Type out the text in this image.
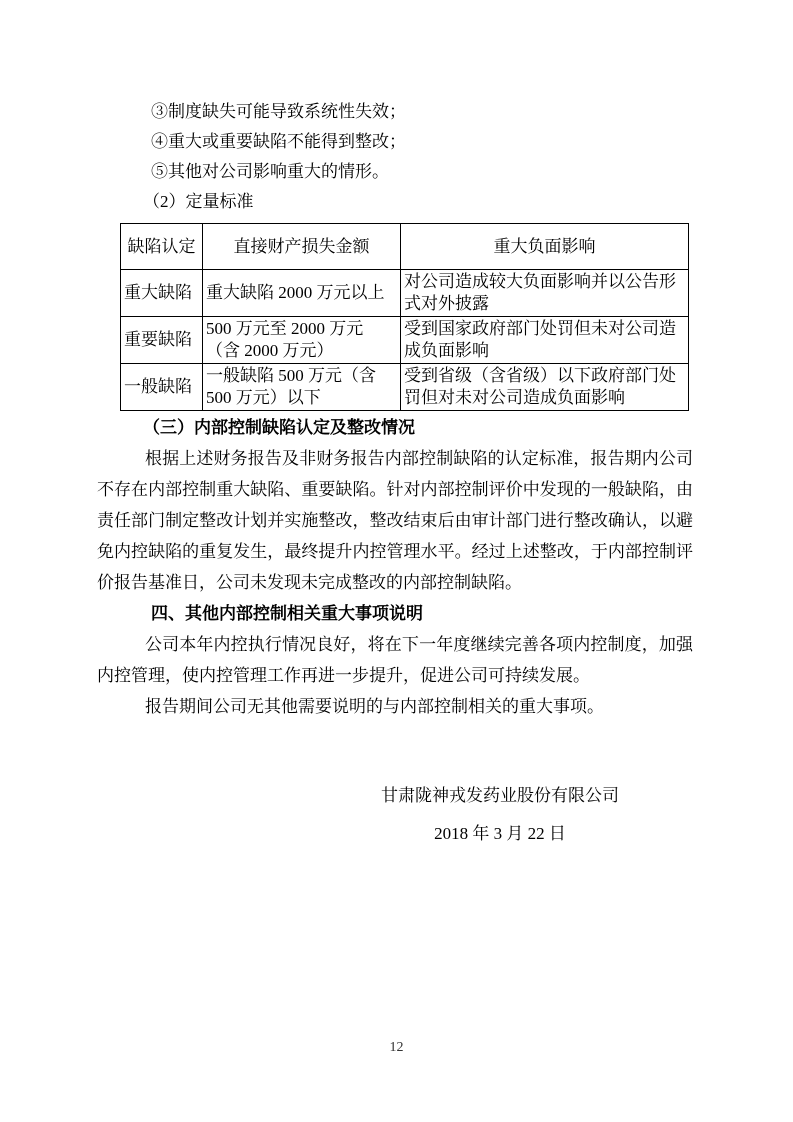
③制度缺失可能导致系统性失效；
④重大或重要缺陷不能得到整改；
⑤其他对公司影响重大的情形。
（2）定量标准
缺陷认定	直接财产损失金额	重大负面影响
重大缺陷	重大缺陷 2000 万元以上	对公司造成较大负面影响并以公告形式对外披露
重要缺陷	500 万元至 2000 万元（含 2000 万元）	受到国家政府部门处罚但未对公司造成负面影响
一般缺陷	一般缺陷 500 万元（含 500 万元）以下	受到省级（含省级）以下政府部门处罚但对未对公司造成负面影响
（三）内部控制缺陷认定及整改情况

根据上述财务报告及非财务报告内部控制缺陷的认定标准，报告期内公司不存在内部控制重大缺陷、重要缺陷。针对内部控制评价中发现的一般缺陷，由责任部门制定整改计划并实施整改，整改结束后由审计部门进行整改确认，以避免内控缺陷的重复发生，最终提升内控管理水平。经过上述整改，于内部控制评价报告基准日，公司未发现未完成整改的内部控制缺陷。

四、其他内部控制相关重大事项说明

公司本年内控执行情况良好，将在下一年度继续完善各项内控制度，加强内控管理，使内控管理工作再进一步提升，促进公司可持续发展。

报告期间公司无其他需要说明的与内部控制相关的重大事项。

甘肃陇神戎发药业股份有限公司
2018 年 3 月 22 日
12
